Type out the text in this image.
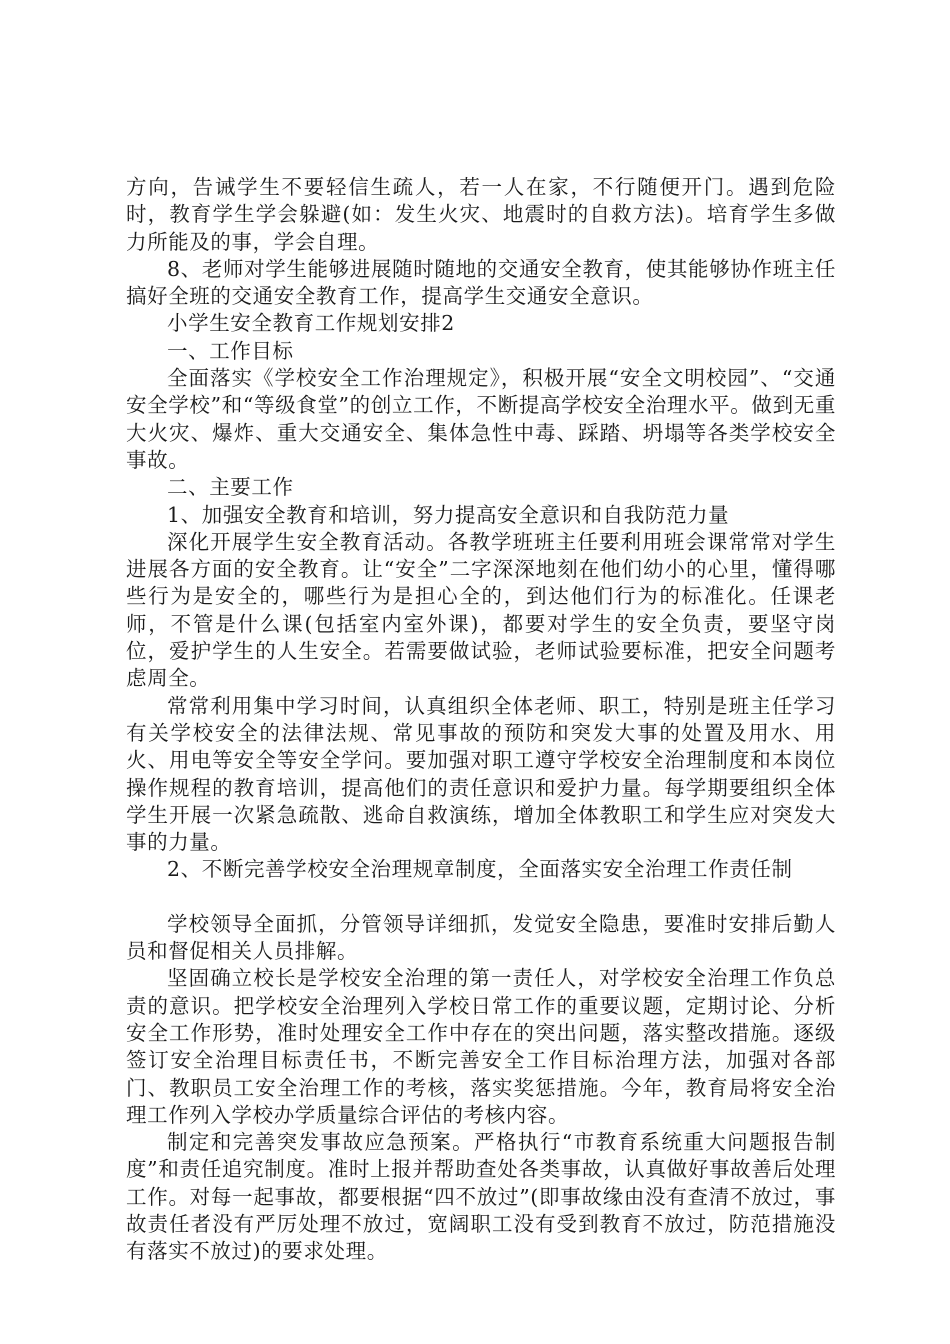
方向，告诫学生不要轻信生疏人，若一人在家，不行随便开门。遇到危险时，教育学生学会躲避(如：发生火灾、地震时的自救方法)。培育学生多做力所能及的事，学会自理。

8、老师对学生能够进展随时随地的交通安全教育，使其能够协作班主任搞好全班的交通安全教育工作，提高学生交通安全意识。

小学生安全教育工作规划安排2

一、工作目标

全面落实《学校安全工作治理规定》，积极开展“安全文明校园”、“交通安全学校”和“等级食堂”的创立工作，不断提高学校安全治理水平。做到无重大火灾、爆炸、重大交通安全、集体急性中毒、踩踏、坍塌等各类学校安全事故。

二、主要工作

1、加强安全教育和培训，努力提高安全意识和自我防范力量

深化开展学生安全教育活动。各教学班班主任要利用班会课常常对学生进展各方面的安全教育。让“安全”二字深深地刻在他们幼小的心里，懂得哪些行为是安全的，哪些行为是担心全的，到达他们行为的标准化。任课老师，不管是什么课(包括室内室外课)，都要对学生的安全负责，要坚守岗位，爱护学生的人生安全。若需要做试验，老师试验要标准，把安全问题考虑周全。

常常利用集中学习时间，认真组织全体老师、职工，特别是班主任学习有关学校安全的法律法规、常见事故的预防和突发大事的处置及用水、用火、用电等安全等安全学问。要加强对职工遵守学校安全治理制度和本岗位操作规程的教育培训，提高他们的责任意识和爱护力量。每学期要组织全体学生开展一次紧急疏散、逃命自救演练，增加全体教职工和学生应对突发大事的力量。

2、不断完善学校安全治理规章制度，全面落实安全治理工作责任制

学校领导全面抓，分管领导详细抓，发觉安全隐患，要准时安排后勤人员和督促相关人员排解。

坚固确立校长是学校安全治理的第一责任人，对学校安全治理工作负总责的意识。把学校安全治理列入学校日常工作的重要议题，定期讨论、分析安全工作形势，准时处理安全工作中存在的突出问题，落实整改措施。逐级签订安全治理目标责任书，不断完善安全工作目标治理方法，加强对各部门、教职员工安全治理工作的考核，落实奖惩措施。今年，教育局将安全治理工作列入学校办学质量综合评估的考核内容。

制定和完善突发事故应急预案。严格执行“市教育系统重大问题报告制度”和责任追究制度。准时上报并帮助查处各类事故，认真做好事故善后处理工作。对每一起事故，都要根据“四不放过”(即事故缘由没有查清不放过，事故责任者没有严厉处理不放过，宽阔职工没有受到教育不放过，防范措施没有落实不放过)的要求处理。
